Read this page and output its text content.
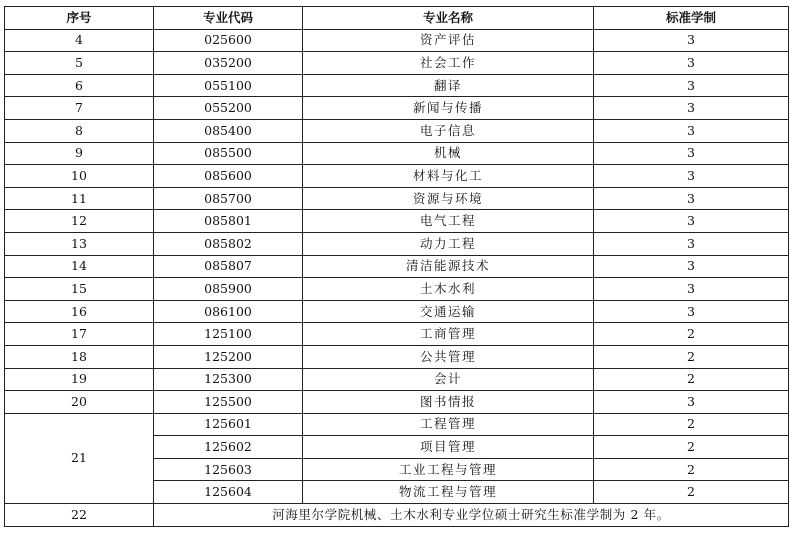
序号	专业代码	专业名称	标准学制
4	025600	资产评估	3
5	035200	社会工作	3
6	055100	翻译	3
7	055200	新闻与传播	3
8	085400	电子信息	3
9	085500	机械	3
10	085600	材料与化工	3
11	085700	资源与环境	3
12	085801	电气工程	3
13	085802	动力工程	3
14	085807	清洁能源技术	3
15	085900	土木水利	3
16	086100	交通运输	3
17	125100	工商管理	2
18	125200	公共管理	2
19	125300	会计	2
20	125500	图书情报	3
21	125601	工程管理	2
	125602	项目管理	2
	125603	工业工程与管理	2
	125604	物流工程与管理	2
22	河海里尔学院机械、土木水利专业学位硕士研究生标准学制为 2 年。		
